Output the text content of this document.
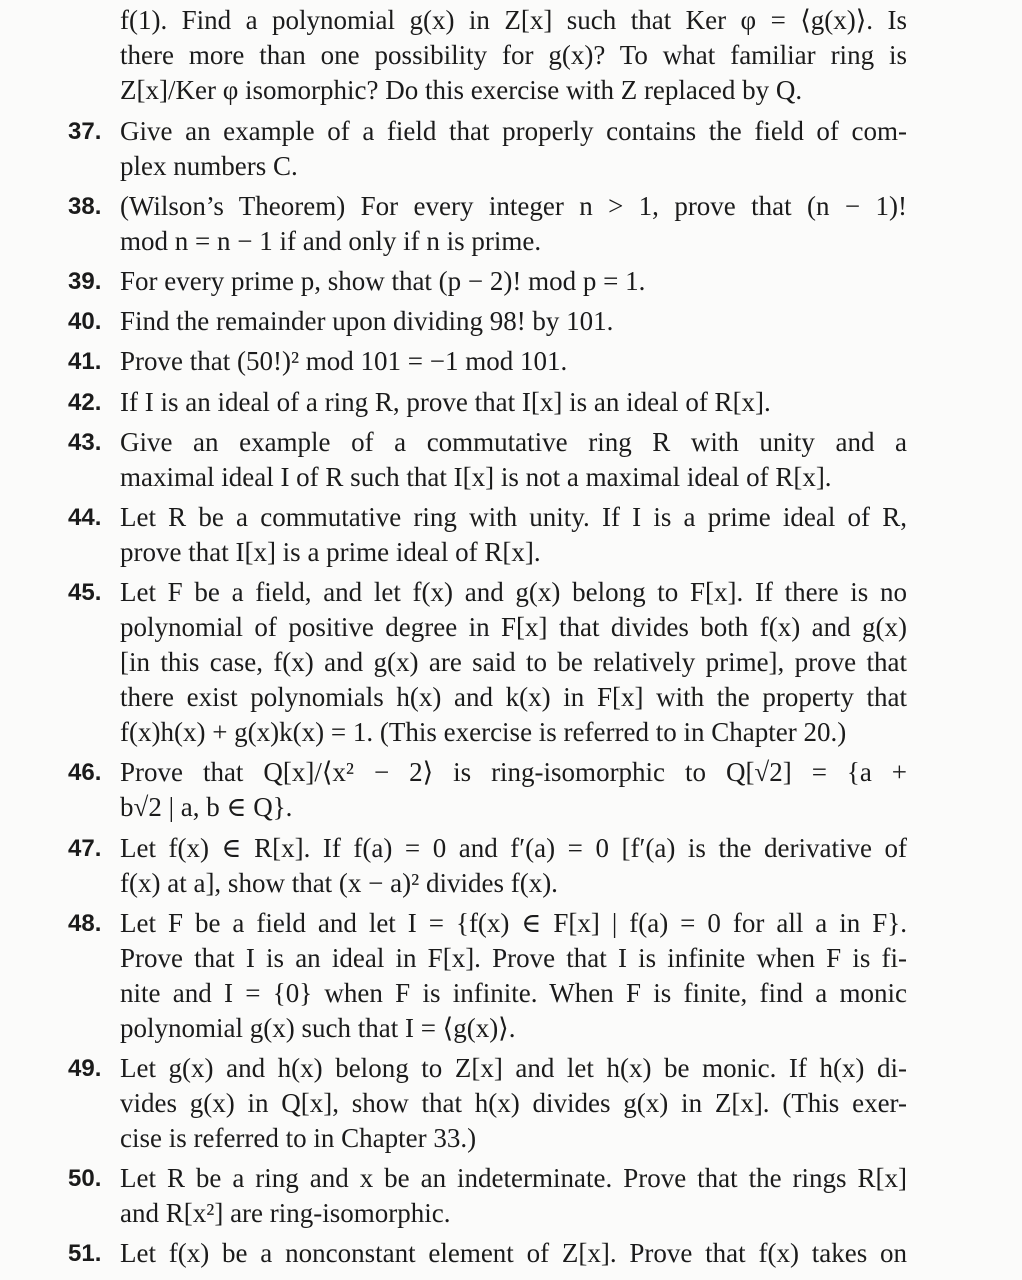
f(1). Find a polynomial g(x) in Z[x] such that Ker φ = ⟨g(x)⟩. Is
there more than one possibility for g(x)? To what familiar ring is
Z[x]/Ker φ isomorphic? Do this exercise with Z replaced by Q.
37. Give an example of a field that properly contains the field of com-
plex numbers C.
38. (Wilson’s Theorem) For every integer n > 1, prove that (n − 1)!
mod n = n − 1 if and only if n is prime.
39. For every prime p, show that (p − 2)! mod p = 1.
40. Find the remainder upon dividing 98! by 101.
41. Prove that (50!)² mod 101 = −1 mod 101.
42. If I is an ideal of a ring R, prove that I[x] is an ideal of R[x].
43. Give an example of a commutative ring R with unity and a
maximal ideal I of R such that I[x] is not a maximal ideal of R[x].
44. Let R be a commutative ring with unity. If I is a prime ideal of R,
prove that I[x] is a prime ideal of R[x].
45. Let F be a field, and let f(x) and g(x) belong to F[x]. If there is no
polynomial of positive degree in F[x] that divides both f(x) and g(x)
[in this case, f(x) and g(x) are said to be relatively prime], prove that
there exist polynomials h(x) and k(x) in F[x] with the property that
f(x)h(x) + g(x)k(x) = 1. (This exercise is referred to in Chapter 20.)
46. Prove that Q[x]/⟨x² − 2⟩ is ring-isomorphic to Q[√2] = {a +
b√2 | a, b ∈ Q}.
47. Let f(x) ∈ R[x]. If f(a) = 0 and f′(a) = 0 [f′(a) is the derivative of
f(x) at a], show that (x − a)² divides f(x).
48. Let F be a field and let I = {f(x) ∈ F[x] | f(a) = 0 for all a in F}.
Prove that I is an ideal in F[x]. Prove that I is infinite when F is fi-
nite and I = {0} when F is infinite. When F is finite, find a monic
polynomial g(x) such that I = ⟨g(x)⟩.
49. Let g(x) and h(x) belong to Z[x] and let h(x) be monic. If h(x) di-
vides g(x) in Q[x], show that h(x) divides g(x) in Z[x]. (This exer-
cise is referred to in Chapter 33.)
50. Let R be a ring and x be an indeterminate. Prove that the rings R[x]
and R[x²] are ring-isomorphic.
51. Let f(x) be a nonconstant element of Z[x]. Prove that f(x) takes on
